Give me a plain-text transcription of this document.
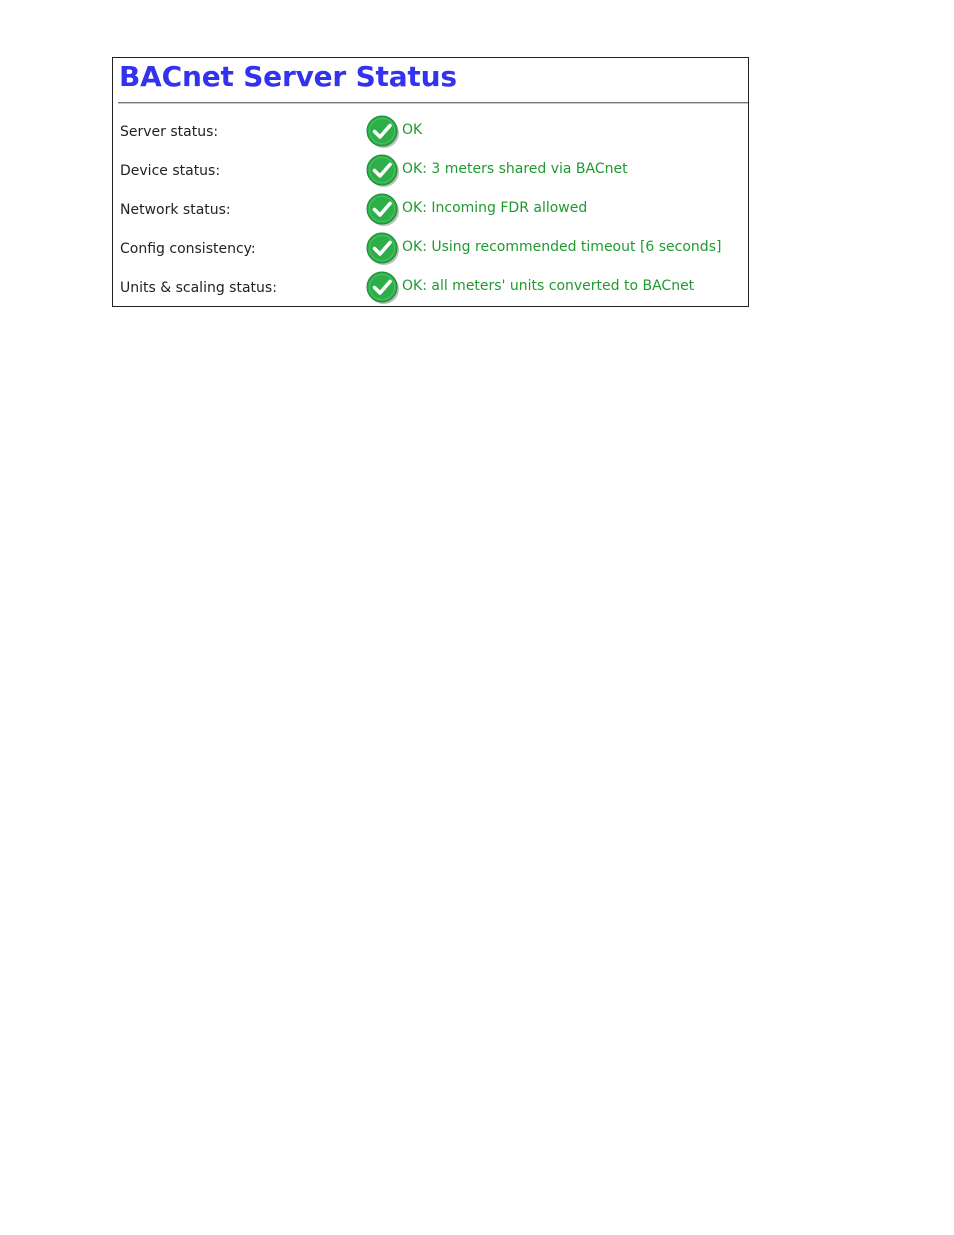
BACnet Server Status
Server status:	OK
Device status:	OK: 3 meters shared via BACnet
Network status:	OK: Incoming FDR allowed
Config consistency:	OK: Using recommended timeout [6 seconds]
Units & scaling status:	OK: all meters' units converted to BACnet
